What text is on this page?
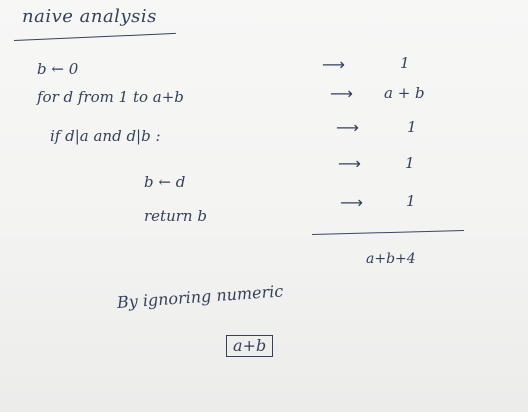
naive analysis
b ← 0
for d from 1 to a+b
if d|a and d|b :
b ← d
return b
⟶
⟶
⟶
⟶
⟶
1
a + b
1
1
1
a+b+4
By ignoring numeric
a+b
